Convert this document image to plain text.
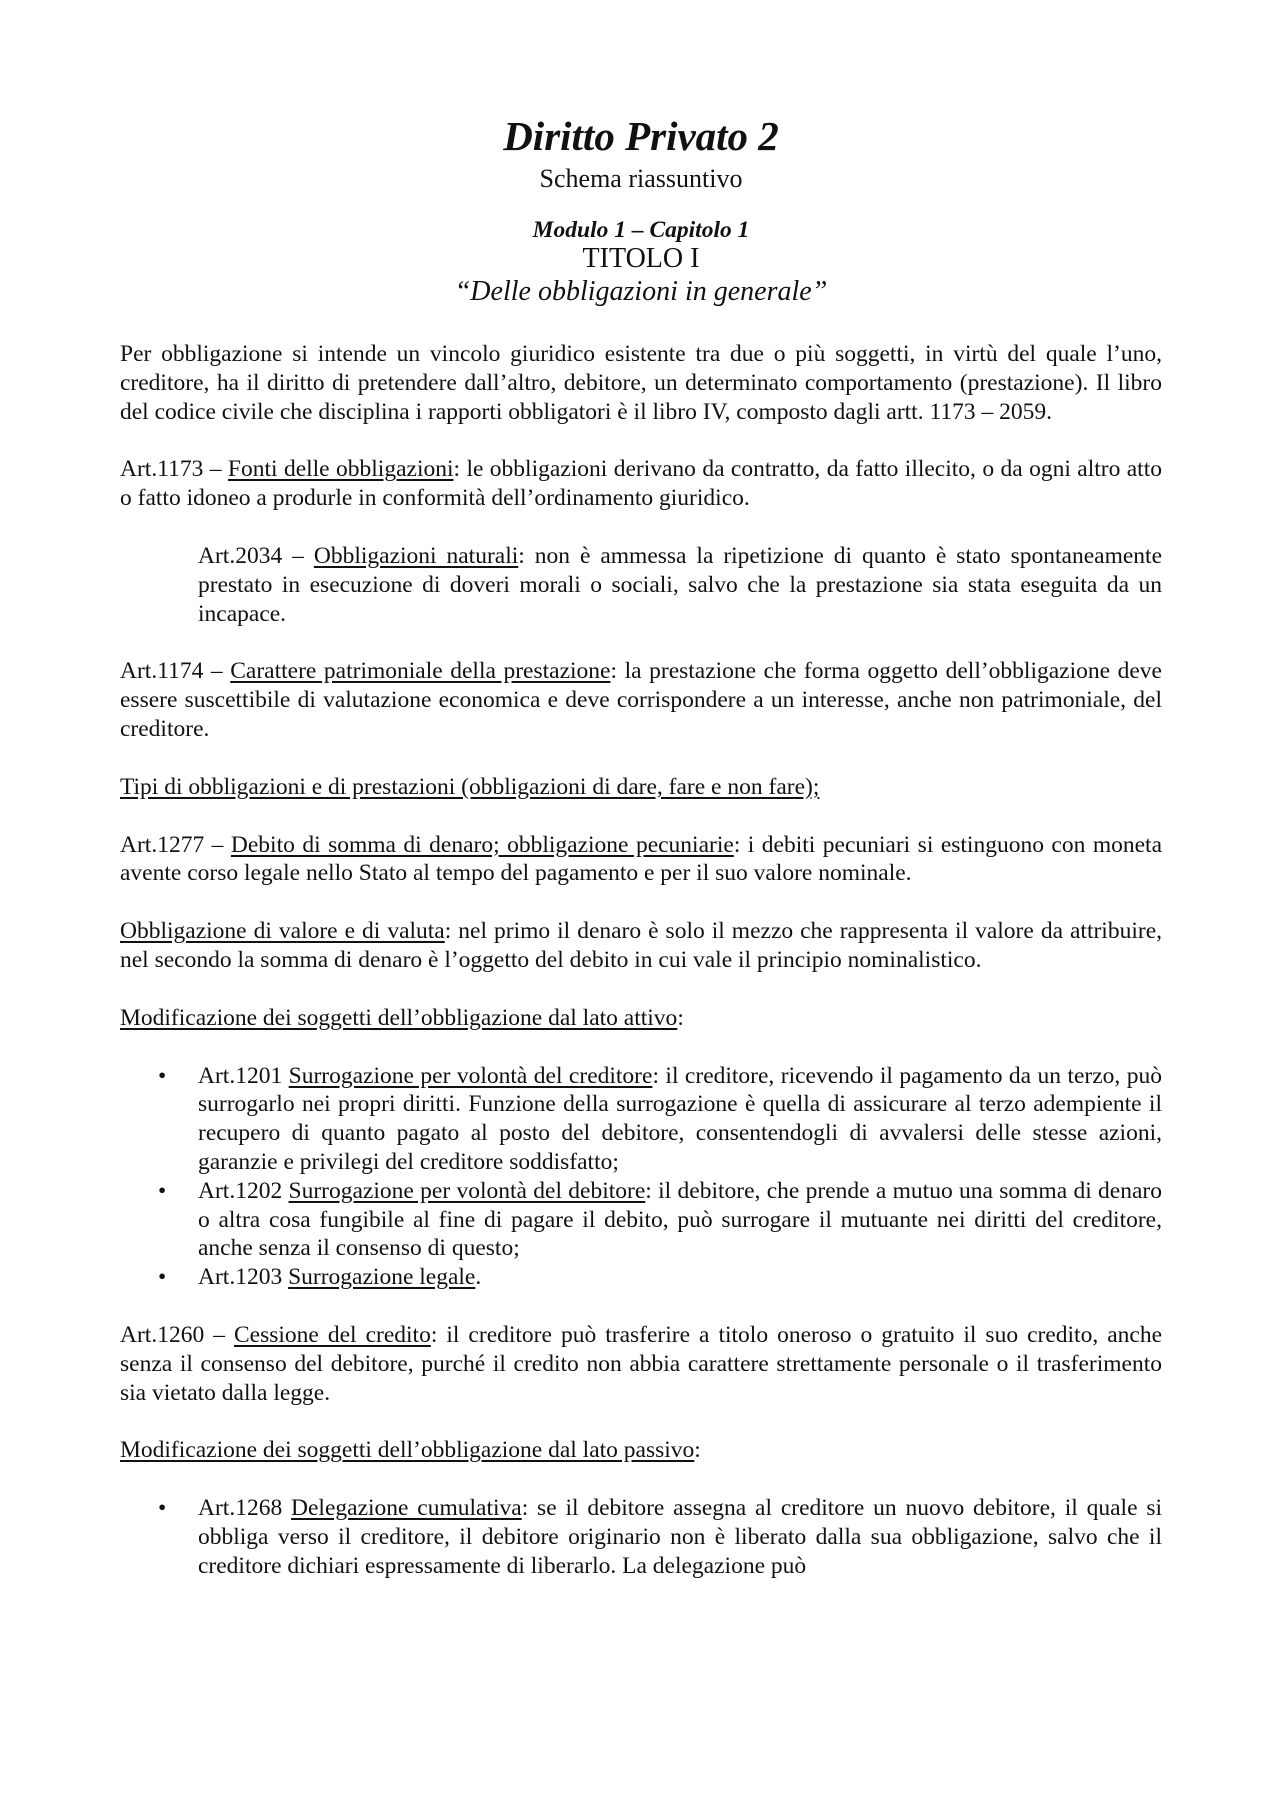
Diritto Privato 2
Schema riassuntivo
Modulo 1 – Capitolo 1
TITOLO I
“Delle obbligazioni in generale”

Per obbligazione si intende un vincolo giuridico esistente tra due o più soggetti, in virtù del quale l’uno, creditore, ha il diritto di pretendere dall’altro, debitore, un determinato comportamento (prestazione). Il libro del codice civile che disciplina i rapporti obbligatori è il libro IV, composto dagli artt. 1173 – 2059.

Art.1173 – Fonti delle obbligazioni: le obbligazioni derivano da contratto, da fatto illecito, o da ogni altro atto o fatto idoneo a produrle in conformità dell’ordinamento giuridico.

Art.2034 – Obbligazioni naturali: non è ammessa la ripetizione di quanto è stato spontaneamente prestato in esecuzione di doveri morali o sociali, salvo che la prestazione sia stata eseguita da un incapace.

Art.1174 – Carattere patrimoniale della prestazione: la prestazione che forma oggetto dell’obbligazione deve essere suscettibile di valutazione economica e deve corrispondere a un interesse, anche non patrimoniale, del creditore.

Tipi di obbligazioni e di prestazioni (obbligazioni di dare, fare e non fare);

Art.1277 – Debito di somma di denaro; obbligazione pecuniarie: i debiti pecuniari si estinguono con moneta avente corso legale nello Stato al tempo del pagamento e per il suo valore nominale.

Obbligazione di valore e di valuta: nel primo il denaro è solo il mezzo che rappresenta il valore da attribuire, nel secondo la somma di denaro è l’oggetto del debito in cui vale il principio nominalistico.

Modificazione dei soggetti dell’obbligazione dal lato attivo:

• Art.1201 Surrogazione per volontà del creditore: il creditore, ricevendo il pagamento da un terzo, può surrogarlo nei propri diritti. Funzione della surrogazione è quella di assicurare al terzo adempiente il recupero di quanto pagato al posto del debitore, consentendogli di avvalersi delle stesse azioni, garanzie e privilegi del creditore soddisfatto;
• Art.1202 Surrogazione per volontà del debitore: il debitore, che prende a mutuo una somma di denaro o altra cosa fungibile al fine di pagare il debito, può surrogare il mutuante nei diritti del creditore, anche senza il consenso di questo;
• Art.1203 Surrogazione legale.

Art.1260 – Cessione del credito: il creditore può trasferire a titolo oneroso o gratuito il suo credito, anche senza il consenso del debitore, purché il credito non abbia carattere strettamente personale o il trasferimento sia vietato dalla legge.

Modificazione dei soggetti dell’obbligazione dal lato passivo:

• Art.1268 Delegazione cumulativa: se il debitore assegna al creditore un nuovo debitore, il quale si obbliga verso il creditore, il debitore originario non è liberato dalla sua obbligazione, salvo che il creditore dichiari espressamente di liberarlo. La delegazione può
